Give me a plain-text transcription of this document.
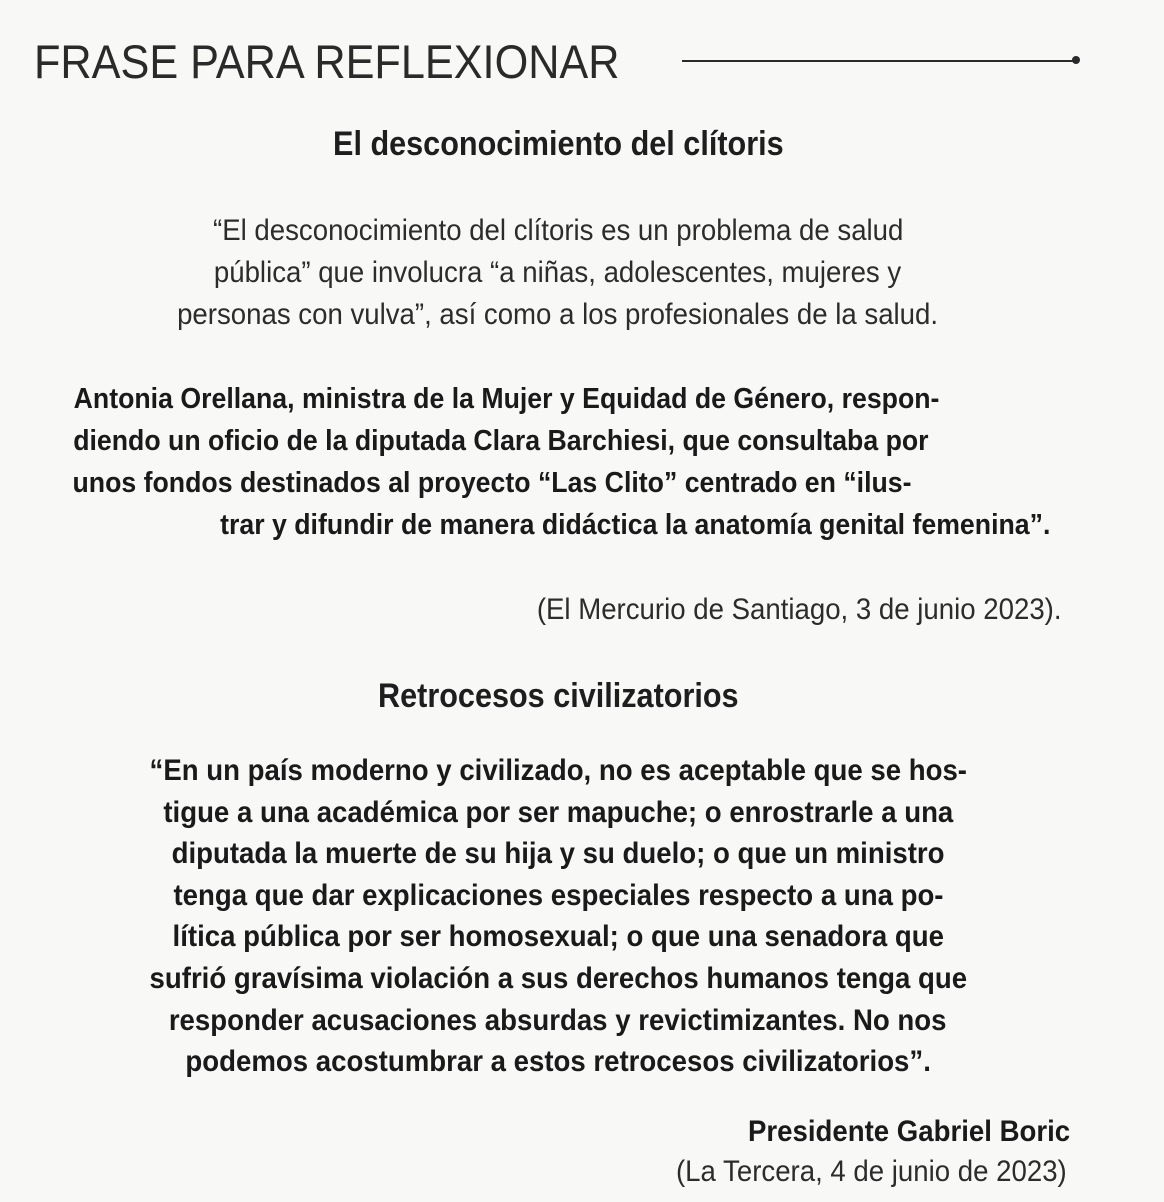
FRASE PARA REFLEXIONAR
El desconocimiento del clítoris
“El desconocimiento del clítoris es un problema de salud
pública” que involucra “a niñas, adolescentes, mujeres y
personas con vulva”, así como a los profesionales de la salud.
Antonia Orellana, ministra de la Mujer y Equidad de Género, respon-
diendo un oficio de la diputada Clara Barchiesi, que consultaba por
unos fondos destinados al proyecto “Las Clito” centrado en “ilus-
trar y difundir de manera didáctica la anatomía genital femenina”.
(El Mercurio de Santiago, 3 de junio 2023).
Retrocesos civilizatorios
“En un país moderno y civilizado, no es aceptable que se hos-
tigue a una académica por ser mapuche; o enrostrarle a una
diputada la muerte de su hija y su duelo; o que un ministro
tenga que dar explicaciones especiales respecto a una po-
lítica pública por ser homosexual; o que una senadora que
sufrió gravísima violación a sus derechos humanos tenga que
responder acusaciones absurdas y revictimizantes. No nos
podemos acostumbrar a estos retrocesos civilizatorios”.
Presidente Gabriel Boric
(La Tercera, 4 de junio de 2023)
